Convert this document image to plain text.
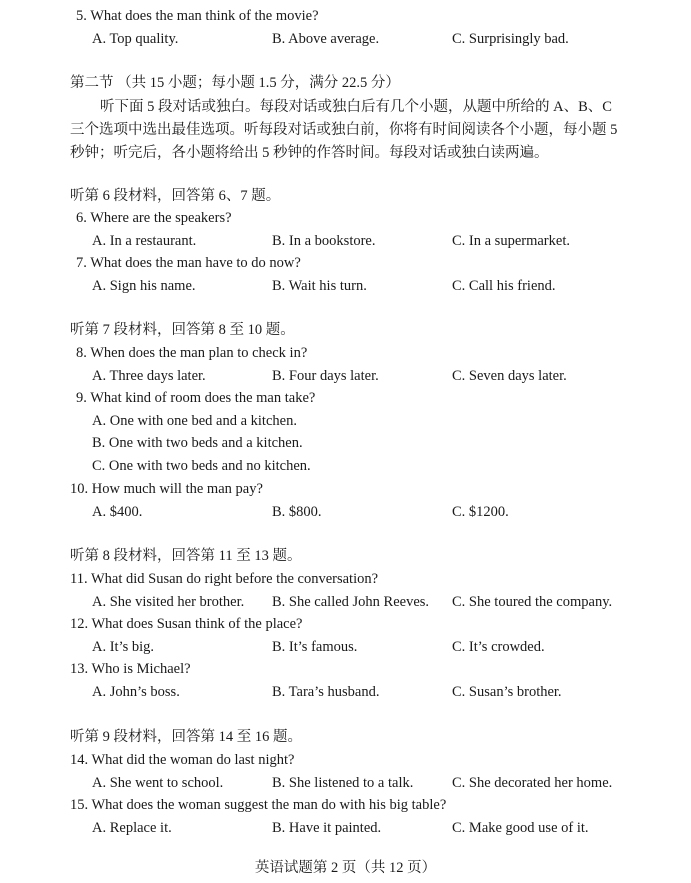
5. What does the man think of the movie?
A. Top quality.	B. Above average.	C. Surprisingly bad.
第二节 （共 15 小题；每小题 1.5 分，满分 22.5 分）
听下面 5 段对话或独白。每段对话或独白后有几个小题，从题中所给的 A、B、C
三个选项中选出最佳选项。听每段对话或独白前，你将有时间阅读各个小题，每小题 5
秒钟；听完后，各小题将给出 5 秒钟的作答时间。每段对话或独白读两遍。
听第 6 段材料，回答第 6、7 题。
6. Where are the speakers?
A. In a restaurant.	B. In a bookstore.	C. In a supermarket.
7. What does the man have to do now?
A. Sign his name.	B. Wait his turn.	C. Call his friend.
听第 7 段材料，回答第 8 至 10 题。
8. When does the man plan to check in?
A. Three days later.	B. Four days later.	C. Seven days later.
9. What kind of room does the man take?
A. One with one bed and a kitchen.
B. One with two beds and a kitchen.
C. One with two beds and no kitchen.
10. How much will the man pay?
A. $400.	B. $800.	C. $1200.
听第 8 段材料，回答第 11 至 13 题。
11. What did Susan do right before the conversation?
A. She visited her brother. B. She called John Reeves. C. She toured the company.
12. What does Susan think of the place?
A. It’s big.	B. It’s famous.	C. It’s crowded.
13. Who is Michael?
A. John’s boss.	B. Tara’s husband.	C. Susan’s brother.
听第 9 段材料，回答第 14 至 16 题。
14. What did the woman do last night?
A. She went to school.	B. She listened to a talk.	C. She decorated her home.
15. What does the woman suggest the man do with his big table?
A. Replace it.	B. Have it painted.	C. Make good use of it.
英语试题第 2 页（共 12 页）
